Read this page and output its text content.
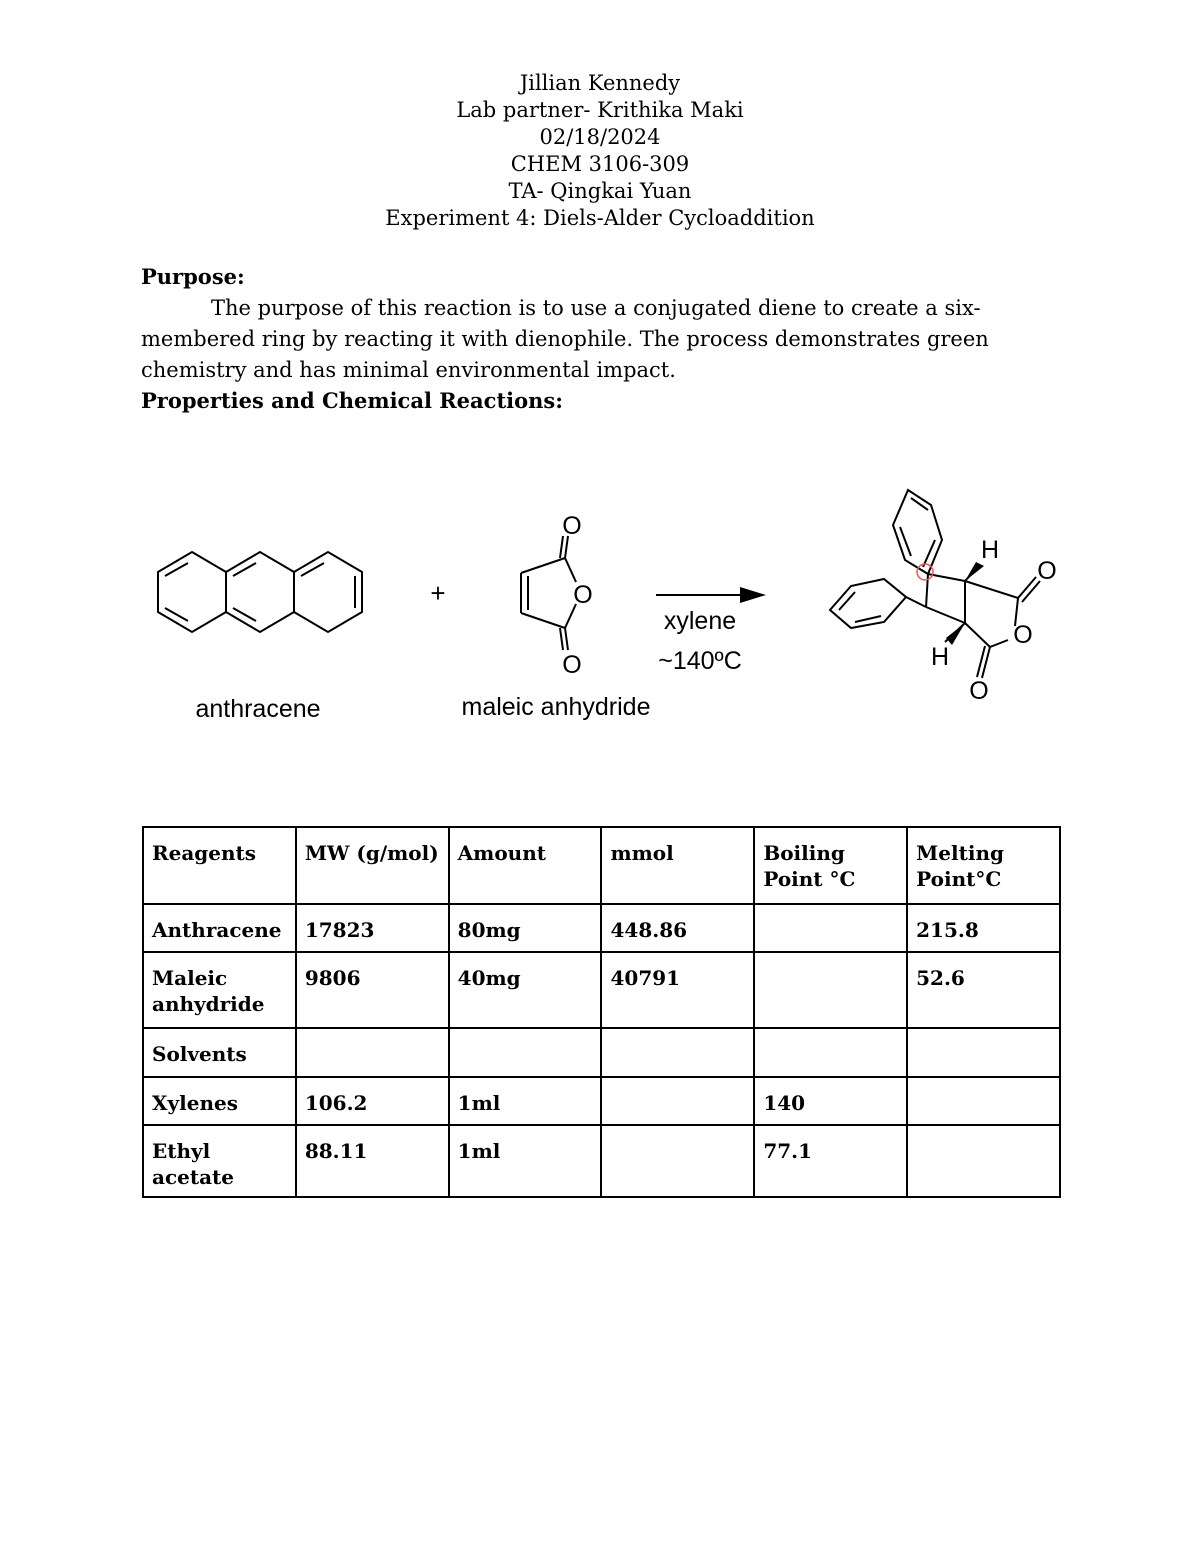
Jillian Kennedy
Lab partner- Krithika Maki
02/18/2024
CHEM 3106-309
TA- Qingkai Yuan
Experiment 4: Diels-Alder Cycloaddition
Purpose:
The purpose of this reaction is to use a conjugated diene to create a six-membered ring by reacting it with dienophile. The process demonstrates green chemistry and has minimal environmental impact.
Properties and Chemical Reactions:
anthracene
+
O
O
O
maleic anhydride
xylene
~140ºC
H
H
O
O
O
Reagents	MW (g/mol)	Amount	mmol	Boiling Point °C	Melting Point°C
Anthracene	17823	80mg	448.86		215.8
Maleic anhydride	9806	40mg	40791		52.6
Solvents					
Xylenes	106.2	1ml		140	
Ethyl acetate	88.11	1ml		77.1	
